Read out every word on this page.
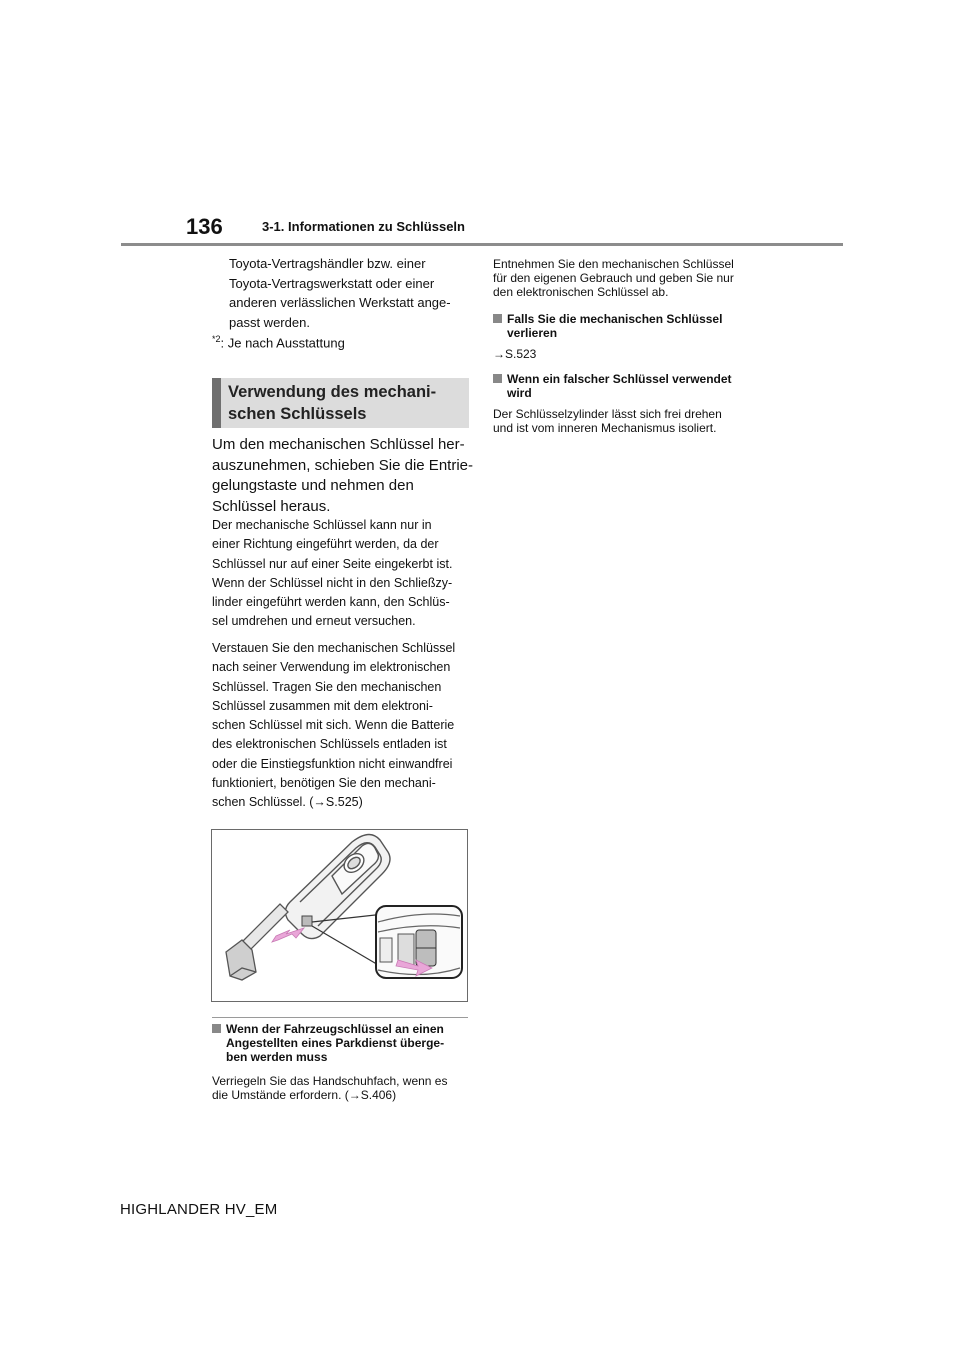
136	3-1. Informationen zu Schlüsseln
Toyota-Vertragshändler bzw. einer
Toyota-Vertragswerkstatt oder einer
anderen verlässlichen Werkstatt ange-
passt werden.
$^{*2}$: Je nach Ausstattung
Verwendung des mechani-
schen Schlüssels
Um den mechanischen Schlüssel her-
auszunehmen, schieben Sie die Entrie-
gelungstaste und nehmen den
Schlüssel heraus.
Der mechanische Schlüssel kann nur in
einer Richtung eingeführt werden, da der
Schlüssel nur auf einer Seite eingekerbt ist.
Wenn der Schlüssel nicht in den Schließzy-
linder eingeführt werden kann, den Schlüs-
sel umdrehen und erneut versuchen.
Verstauen Sie den mechanischen Schlüssel
nach seiner Verwendung im elektronischen
Schlüssel. Tragen Sie den mechanischen
Schlüssel zusammen mit dem elektroni-
schen Schlüssel mit sich. Wenn die Batterie
des elektronischen Schlüssels entladen ist
oder die Einstiegsfunktion nicht einwandfrei
funktioniert, benötigen Sie den mechani-
schen Schlüssel. (→S.525)
Wenn der Fahrzeugschlüssel an einen
Angestellten eines Parkdienst überge-
ben werden muss
Verriegeln Sie das Handschuhfach, wenn es
die Umstände erfordern. (→S.406)
Entnehmen Sie den mechanischen Schlüssel
für den eigenen Gebrauch und geben Sie nur
den elektronischen Schlüssel ab.
Falls Sie die mechanischen Schlüssel
verlieren
→S.523
Wenn ein falscher Schlüssel verwendet
wird
Der Schlüsselzylinder lässt sich frei drehen
und ist vom inneren Mechanismus isoliert.
HIGHLANDER HV_EM
